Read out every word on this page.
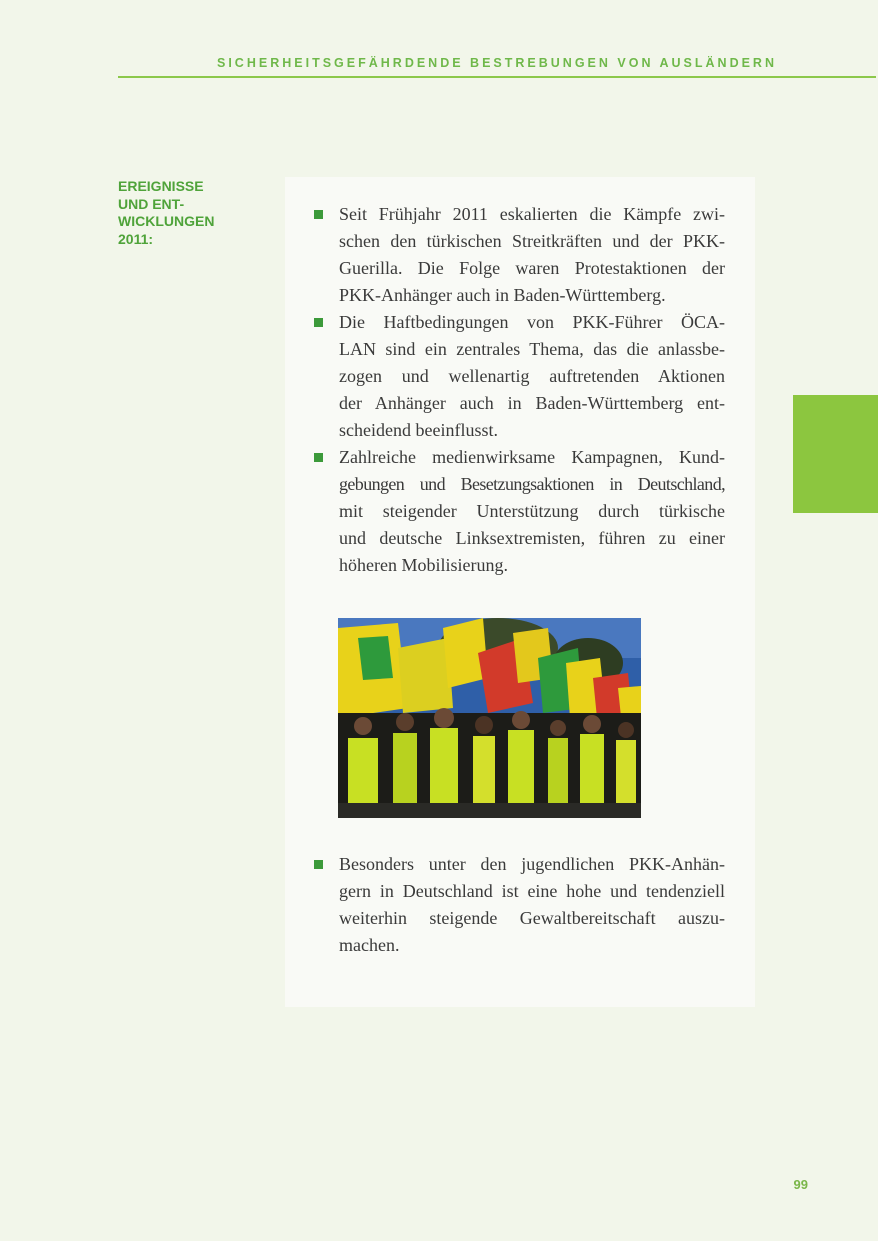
SICHERHEITSGEFÄHRDENDE BESTREBUNGEN VON AUSLÄNDERN
EREIGNISSE
UND ENT-
WICKLUNGEN
2011:
Seit Frühjahr 2011 eskalierten die Kämpfe zwi-
schen den türkischen Streitkräften und der PKK-
Guerilla. Die Folge waren Protestaktionen der
PKK-Anhänger auch in Baden-Württemberg.
Die Haftbedingungen von PKK-Führer ÖCA-
LAN sind ein zentrales Thema, das die anlassbe-
zogen und wellenartig auftretenden Aktionen
der Anhänger auch in Baden-Württemberg ent-
scheidend beeinflusst.
Zahlreiche medienwirksame Kampagnen, Kund-
gebungen und Besetzungsaktionen in Deutschland,
mit steigender Unterstützung durch türkische
und deutsche Linksextremisten, führen zu einer
höheren Mobilisierung.
Besonders unter den jugendlichen PKK-Anhän-
gern in Deutschland ist eine hohe und tendenziell
weiterhin steigende Gewaltbereitschaft auszu-
machen.
99
